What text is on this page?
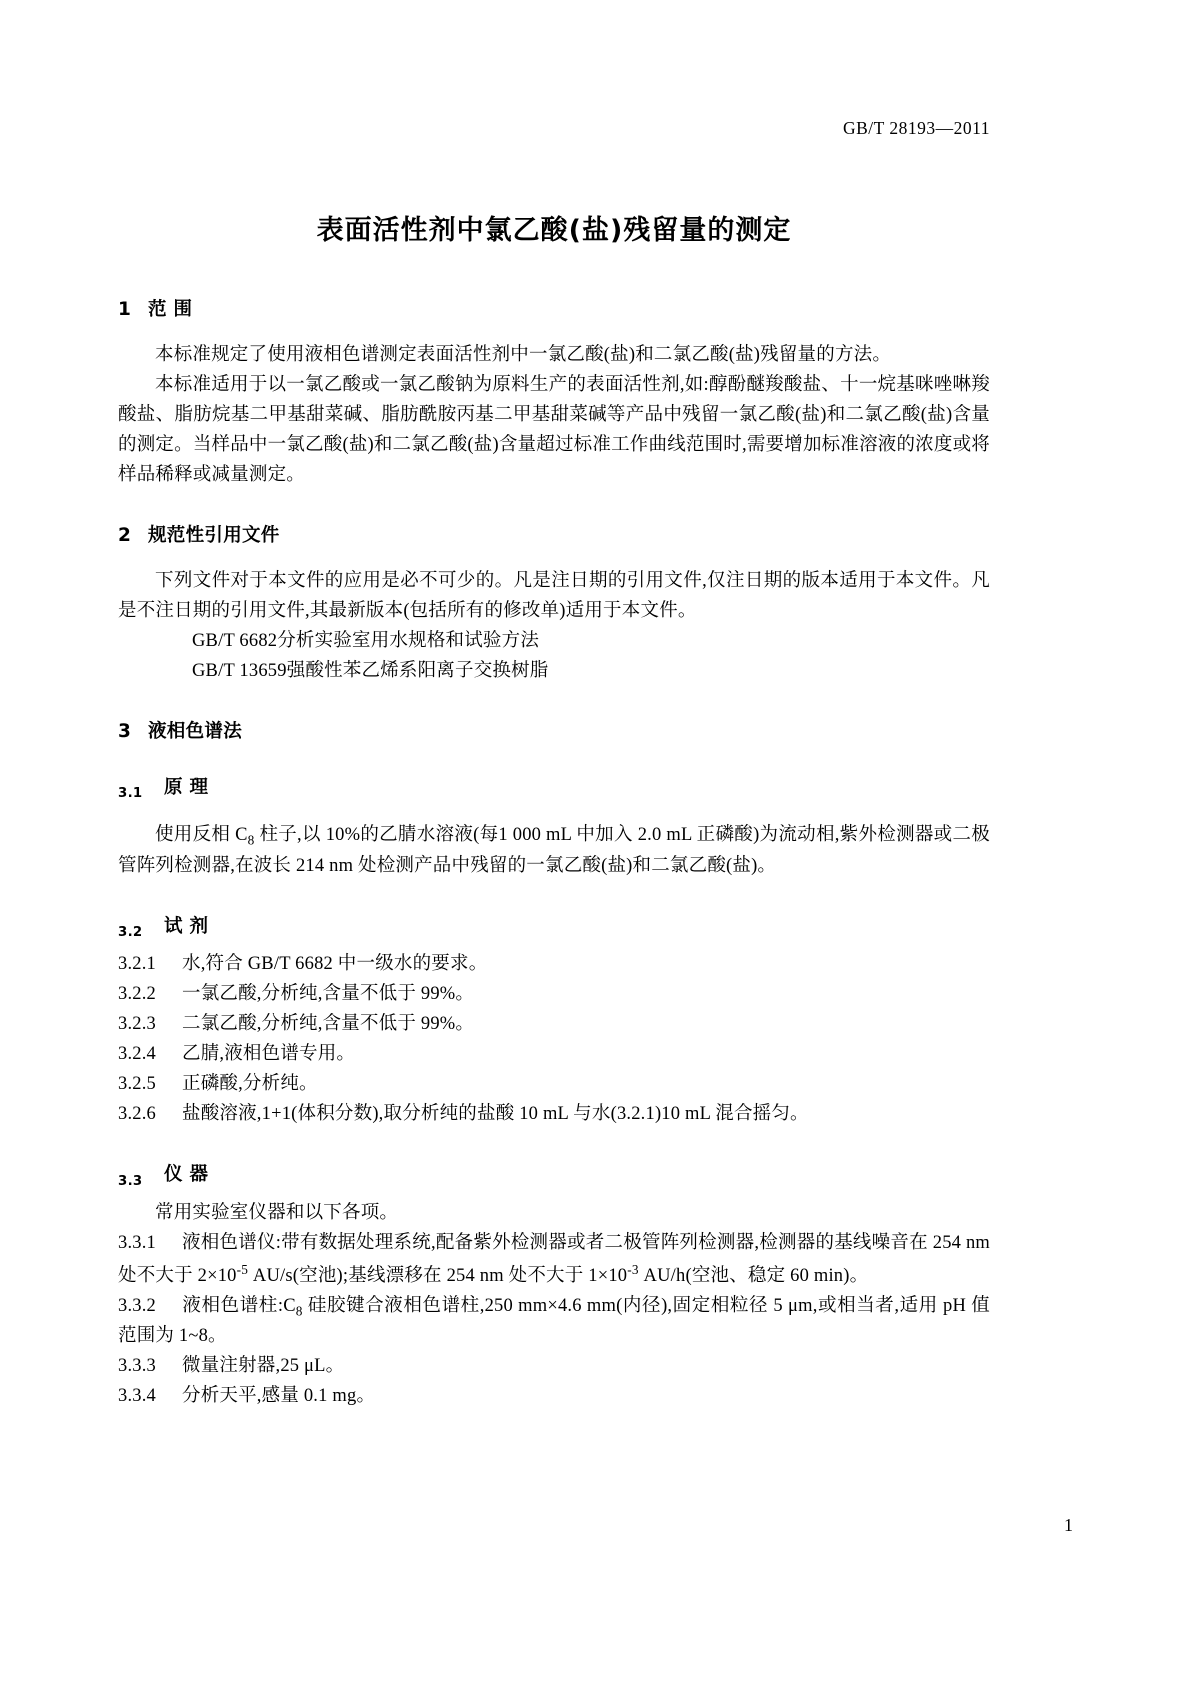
GB/T 28193—2011
表面活性剂中氯乙酸(盐)残留量的测定
1 范 围

本标准规定了使用液相色谱测定表面活性剂中一氯乙酸(盐)和二氯乙酸(盐)残留量的方法。

本标准适用于以一氯乙酸或一氯乙酸钠为原料生产的表面活性剂,如:醇酚醚羧酸盐、十一烷基咪唑啉羧酸盐、脂肪烷基二甲基甜菜碱、脂肪酰胺丙基二甲基甜菜碱等产品中残留一氯乙酸(盐)和二氯乙酸(盐)含量的测定。当样品中一氯乙酸(盐)和二氯乙酸(盐)含量超过标准工作曲线范围时,需要增加标准溶液的浓度或将样品稀释或减量测定。

2 规范性引用文件

下列文件对于本文件的应用是必不可少的。凡是注日期的引用文件,仅注日期的版本适用于本文件。凡是不注日期的引用文件,其最新版本(包括所有的修改单)适用于本文件。

GB/T 6682分析实验室用水规格和试验方法

GB/T 13659强酸性苯乙烯系阳离子交换树脂

3 液相色谱法
3.1 原 理

使用反相 $C_8$ 柱子,以 10%的乙腈水溶液(每1 000 mL 中加入 2.0 mL 正磷酸)为流动相,紫外检测器或二极管阵列检测器,在波长 214 nm 处检测产品中残留的一氯乙酸(盐)和二氯乙酸(盐)。

3.2 试 剂

3.2.1 水,符合 GB/T 6682 中一级水的要求。

3.2.2 一氯乙酸,分析纯,含量不低于 99%。

3.2.3 二氯乙酸,分析纯,含量不低于 99%。

3.2.4 乙腈,液相色谱专用。

3.2.5 正磷酸,分析纯。

3.2.6 盐酸溶液,1+1(体积分数),取分析纯的盐酸 10 mL 与水(3.2.1)10 mL 混合摇匀。

3.3 仪 器

常用实验室仪器和以下各项。

3.3.1 液相色谱仪:带有数据处理系统,配备紫外检测器或者二极管阵列检测器,检测器的基线噪音在 254 nm 处不大于 $2\times 10^{-5}$ AU/s(空池);基线漂移在 254 nm 处不大于 $1\times 10^{-3}$ AU/h(空池、稳定 60 min)。

3.3.2 液相色谱柱$:C_8$ 硅胶键合液相色谱柱,250 mm×4.6 mm(内径),固定相粒径 5 μm,或相当者,适用 pH 值范围为 1~8。

3.3.3 微量注射器,25 μL。

3.3.4 分析天平,感量 0.1 mg。

1
